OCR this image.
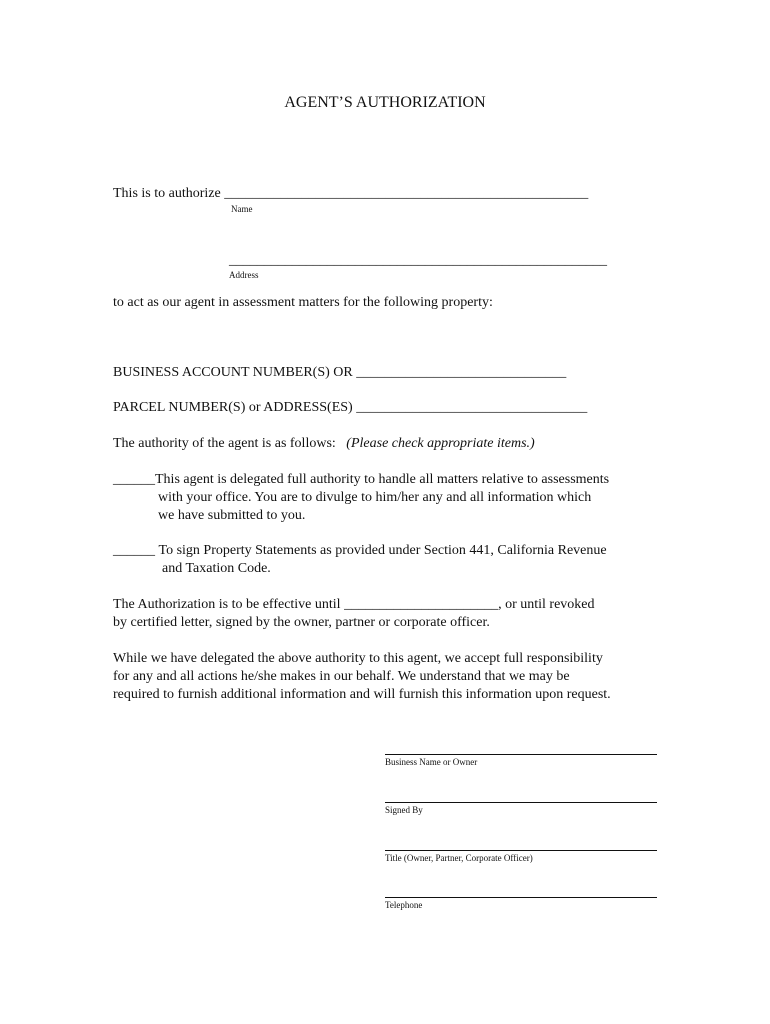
AGENT’S AUTHORIZATION
This is to authorize ____________________________________________________
Name
______________________________________________________
Address
to act as our agent in assessment matters for the following property:
BUSINESS ACCOUNT NUMBER(S) OR ______________________________
PARCEL NUMBER(S) or ADDRESS(ES) _________________________________
The authority of the agent is as follows: (Please check appropriate items.)
______This agent is delegated full authority to handle all matters relative to assessments
with your office. You are to divulge to him/her any and all information which
we have submitted to you.
______ To sign Property Statements as provided under Section 441, California Revenue
and Taxation Code.
The Authorization is to be effective until ______________________, or until revoked
by certified letter, signed by the owner, partner or corporate officer.
While we have delegated the above authority to this agent, we accept full responsibility
for any and all actions he/she makes in our behalf. We understand that we may be
required to furnish additional information and will furnish this information upon request.
Business Name or Owner
Signed By
Title (Owner, Partner, Corporate Officer)
Telephone
